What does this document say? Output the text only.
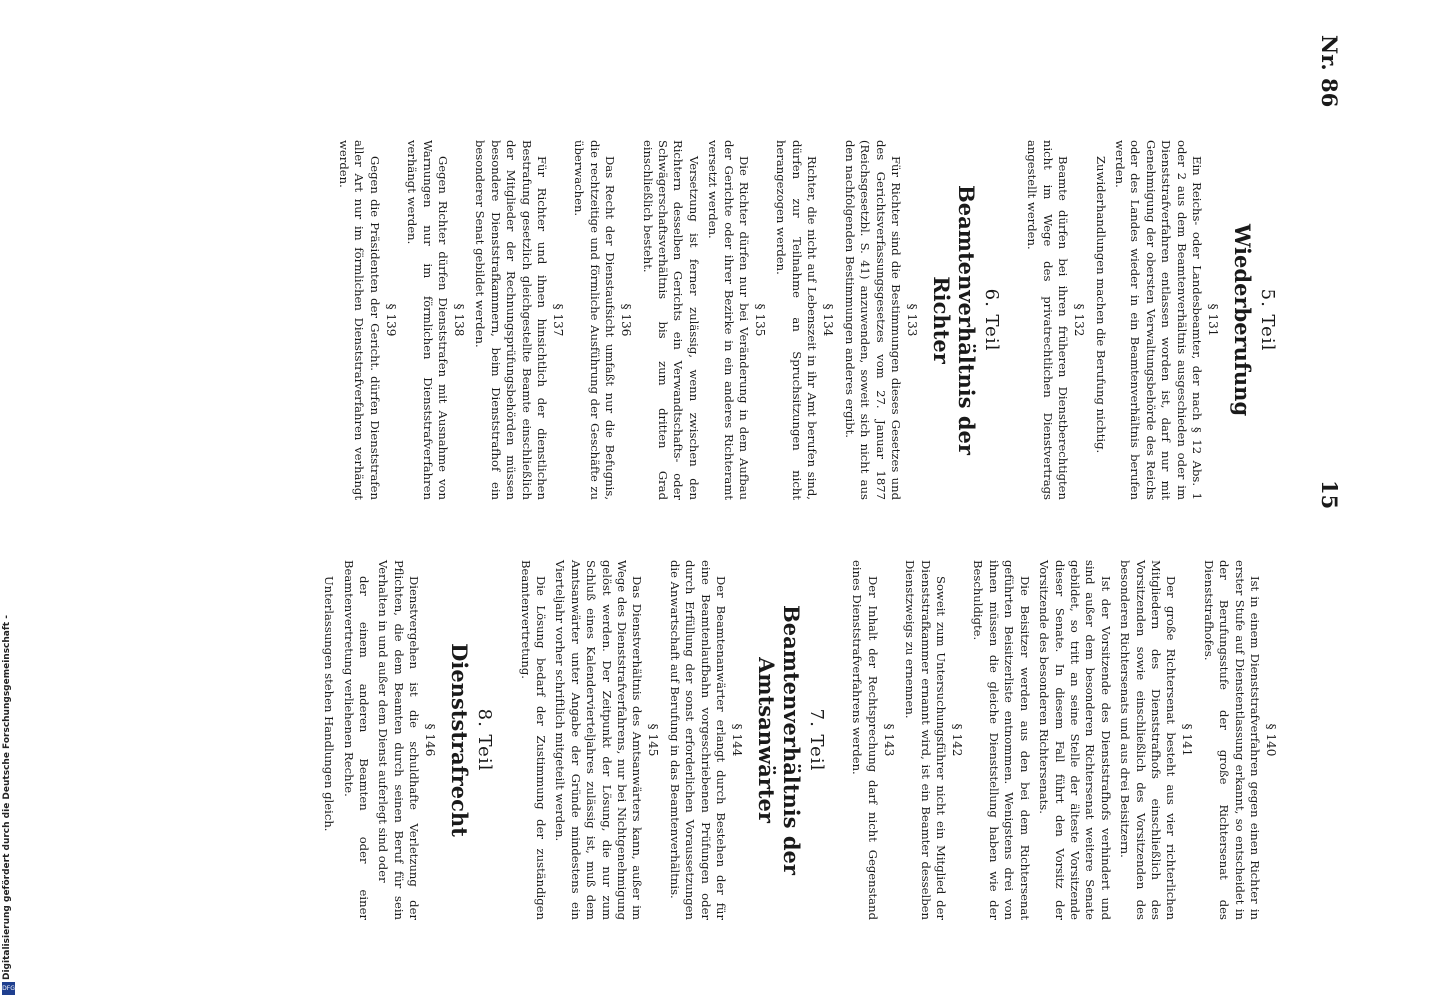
Nr. 86
15
5. Teil
Wiederberufung
§ 131

Ein Reichs- oder Landesbeamter, der nach § 12 Abs. 1 oder 2 aus dem Beamtenverhältnis ausgeschieden oder im Dienststrafverfahren entlassen worden ist, darf nur mit Genehmigung der obersten Verwaltungsbehörde des Reichs oder des Landes wieder in ein Beamtenverhältnis berufen werden.

Zuwiderhandlungen machen die Berufung nichtig.

§ 132

Beamte dürfen bei ihren früheren Dienstberechtigten nicht im Wege des privatrechtlichen Dienstvertrags angestellt werden.

6. Teil
Beamtenverhältnis der Richter
§ 133

Für Richter sind die Bestimmungen dieses Gesetzes und des Gerichtsverfassungsgesetzes vom 27. Januar 1877 (Reichsgesetzbl. S. 41) anzuwenden, soweit sich nicht aus den nachfolgenden Bestimmungen anderes ergibt.

§ 134

Richter, die nicht auf Lebenszeit in ihr Amt berufen sind, dürfen zur Teilnahme an Spruchsitzungen nicht herangezogen werden.

§ 135

Die Richter dürfen nur bei Veränderung in dem Aufbau der Gerichte oder ihrer Bezirke in ein anderes Richteramt versetzt werden.

Versetzung ist ferner zulässig, wenn zwischen den Richtern desselben Gerichts ein Verwandtschafts- oder Schwägerschaftsverhältnis bis zum dritten Grad einschließlich besteht.

§ 136

Das Recht der Dienstaufsicht umfaßt nur die Befugnis, die rechtzeitige und förmliche Ausführung der Geschäfte zu überwachen.

§ 137

Für Richter und ihnen hinsichtlich der dienstlichen Bestrafung gesetzlich gleichgestellte Beamte einschließlich der Mitglieder der Rechnungsprüfungsbehörden müssen besondere Dienststrafkammern, beim Dienststrafhof ein besonderer Senat gebildet werden.

§ 138

Gegen Richter dürfen Dienststrafen mit Ausnahme von Warnungen nur im förmlichen Dienststrafverfahren verhängt werden.

§ 139

Gegen die Präsidenten der Gericht. dürfen Dienststrafen aller Art nur im förmlichen Dienststrafverfahren verhängt werden.

§ 140

Ist in einem Dienststrafverfahren gegen einen Richter in erster Stufe auf Dienstentlassung erkannt, so entscheidet in der Berufungsstufe der große Richtersenat des Dienststrafhofes.

§ 141

Der große Richtersenat besteht aus vier richterlichen Mitgliedern des Dienststrafhofs einschließlich des Vorsitzenden sowie einschließlich des Vorsitzenden des besonderen Richtersenats und aus drei Beisitzern.

Ist der Vorsitzende des Dienststrafhofs verhindert und sind außer dem besonderen Richtersenat weitere Senate gebildet, so tritt an seine Stelle der älteste Vorsitzende dieser Senate. In diesem Fall führt den Vorsitz der Vorsitzende des besonderen Richtersenats.

Die Beisitzer werden aus den bei dem Richtersenat geführten Beisitzerliste entnommen. Wenigstens drei von ihnen müssen die gleiche Dienststellung haben wie der Beschuldigte.

§ 142

Soweit zum Untersuchungsführer nicht ein Mitglied der Dienststrafkammer ernannt wird, ist ein Beamter desselben Dienstzweigs zu ernennen.

§ 143

Der Inhalt der Rechtsprechung darf nicht Gegenstand eines Dienststrafverfahrens werden.

7. Teil
Beamtenverhältnis der Amtsanwärter
§ 144

Der Beamtenanwärter erlangt durch Bestehen der für eine Beamtenlaufbahn vorgeschriebenen Prüfungen oder durch Erfüllung der sonst erforderlichen Voraussetzungen die Anwartschaft auf Berufung in das Beamtenverhältnis.

§ 145

Das Dienstverhältnis des Amtsanwärters kann, außer im Wege des Dienststrafverfahrens, nur bei Nichtgenehmigung gelöst werden. Der Zeitpunkt der Lösung, die nur zum Schluß eines Kalendervierteljahres zulässig ist, muß dem Amtsanwärter unter Angabe der Gründe mindestens ein Vierteljahr vorher schriftlich mitgeteilt werden.

Die Lösung bedarf der Zustimmung der zuständigen Beamtenvertretung.

8. Teil
Dienststrafrecht
§ 146

Dienstvergehen ist die schuldhafte Verletzung der Pflichten, die dem Beamten durch seinen Beruf für sein Verhalten in und außer dem Dienst auferlegt sind oder

der einem anderen Beamten oder einer Beamtenvertretung verliehenen Rechte.

Unterlassungen stehen Handlungen gleich.

Digitalisierung gefördert durch die Deutsche Forschungsgemeinschaft -
DFG
